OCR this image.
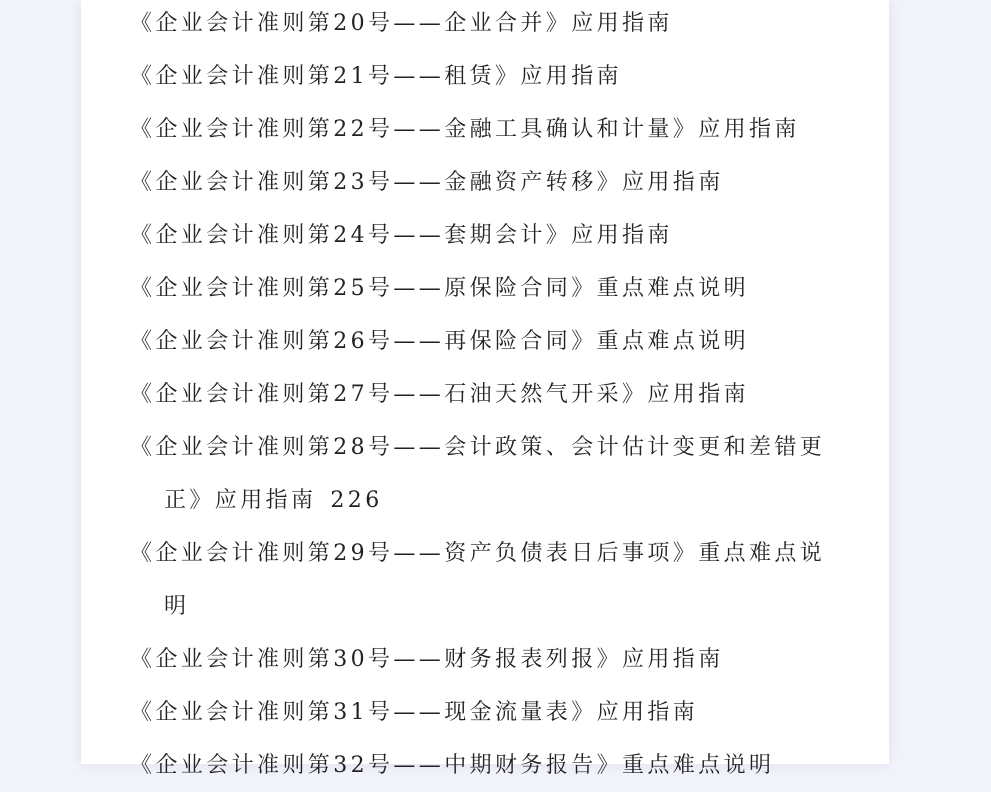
《企业会计准则第20号——企业合并》应用指南
《企业会计准则第21号——租赁》应用指南
《企业会计准则第22号——金融工具确认和计量》应用指南
《企业会计准则第23号——金融资产转移》应用指南
《企业会计准则第24号——套期会计》应用指南
《企业会计准则第25号——原保险合同》重点难点说明
《企业会计准则第26号——再保险合同》重点难点说明
《企业会计准则第27号——石油天然气开采》应用指南
《企业会计准则第28号——会计政策、会计估计变更和差错更
正》应用指南 226
《企业会计准则第29号——资产负债表日后事项》重点难点说
明
《企业会计准则第30号——财务报表列报》应用指南
《企业会计准则第31号——现金流量表》应用指南
《企业会计准则第32号——中期财务报告》重点难点说明
